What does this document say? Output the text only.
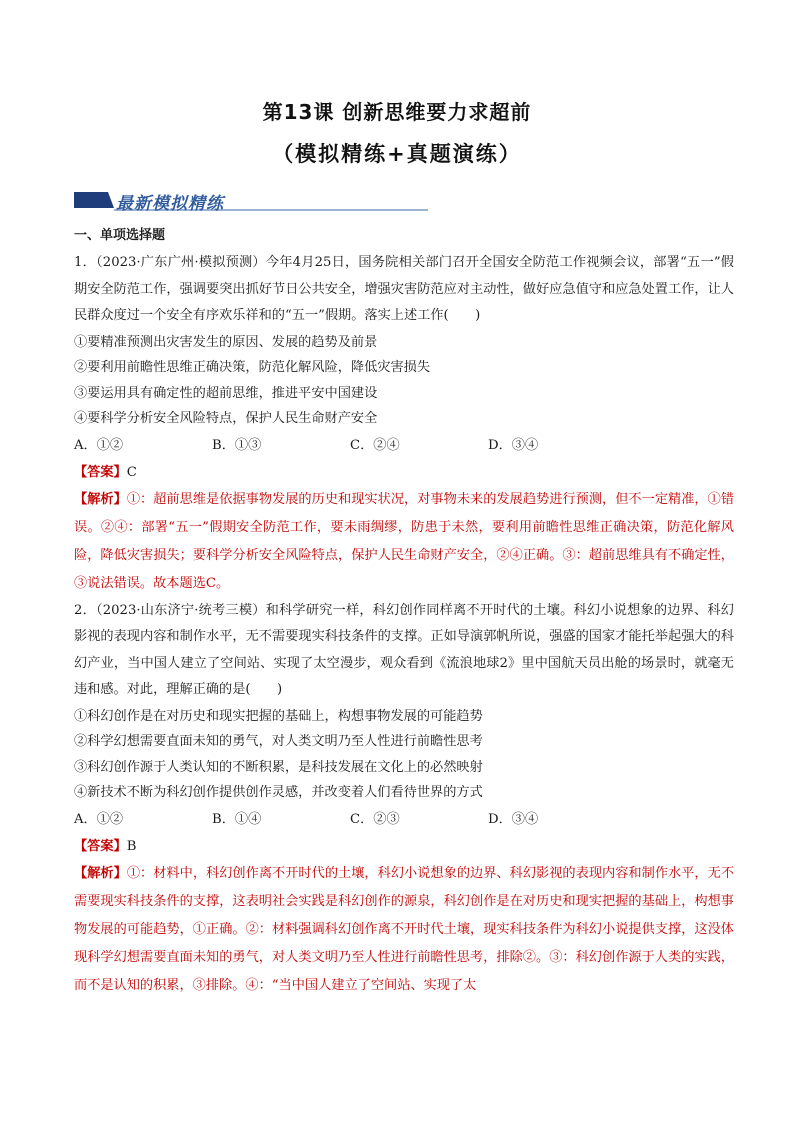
第13课 创新思维要力求超前
（模拟精练+真题演练）
最新模拟精练
一、单项选择题
1．（2023·广东广州·模拟预测）今年4月25日，国务院相关部门召开全国安全防范工作视频会议，部署“五一”假期安全防范工作，强调要突出抓好节日公共安全，增强灾害防范应对主动性，做好应急值守和应急处置工作，让人民群众度过一个安全有序欢乐祥和的“五一”假期。落实上述工作(　　)
①要精准预测出灾害发生的原因、发展的趋势及前景
②要利用前瞻性思维正确决策，防范化解风险，降低灾害损失
③要运用具有确定性的超前思维，推进平安中国建设
④要科学分析安全风险特点，保护人民生命财产安全
A．①②	B．①③	C．②④	D．③④
【答案】C
【解析】①：超前思维是依据事物发展的历史和现实状况，对事物未来的发展趋势进行预测，但不一定精准，①错误。②④：部署“五一”假期安全防范工作，要未雨绸缪，防患于未然，要利用前瞻性思维正确决策，防范化解风险，降低灾害损失；要科学分析安全风险特点，保护人民生命财产安全，②④正确。③：超前思维具有不确定性，③说法错误。故本题选C。
2．（2023·山东济宁·统考三模）和科学研究一样，科幻创作同样离不开时代的土壤。科幻小说想象的边界、科幻影视的表现内容和制作水平，无不需要现实科技条件的支撑。正如导演郭帆所说，强盛的国家才能托举起强大的科幻产业，当中国人建立了空间站、实现了太空漫步，观众看到《流浪地球2》里中国航天员出舱的场景时，就毫无违和感。对此，理解正确的是(　　)
①科幻创作是在对历史和现实把握的基础上，构想事物发展的可能趋势
②科学幻想需要直面未知的勇气，对人类文明乃至人性进行前瞻性思考
③科幻创作源于人类认知的不断积累，是科技发展在文化上的必然映射
④新技术不断为科幻创作提供创作灵感，并改变着人们看待世界的方式
A．①②	B．①④	C．②③	D．③④
【答案】B
【解析】①：材料中，科幻创作离不开时代的土壤，科幻小说想象的边界、科幻影视的表现内容和制作水平，无不需要现实科技条件的支撑，这表明社会实践是科幻创作的源泉，科幻创作是在对历史和现实把握的基础上，构想事物发展的可能趋势，①正确。②：材料强调科幻创作离不开时代土壤，现实科技条件为科幻小说提供支撑，这没体现科学幻想需要直面未知的勇气，对人类文明乃至人性进行前瞻性思考，排除②。③：科幻创作源于人类的实践，而不是认知的积累，③排除。④：“当中国人建立了空间站、实现了太
